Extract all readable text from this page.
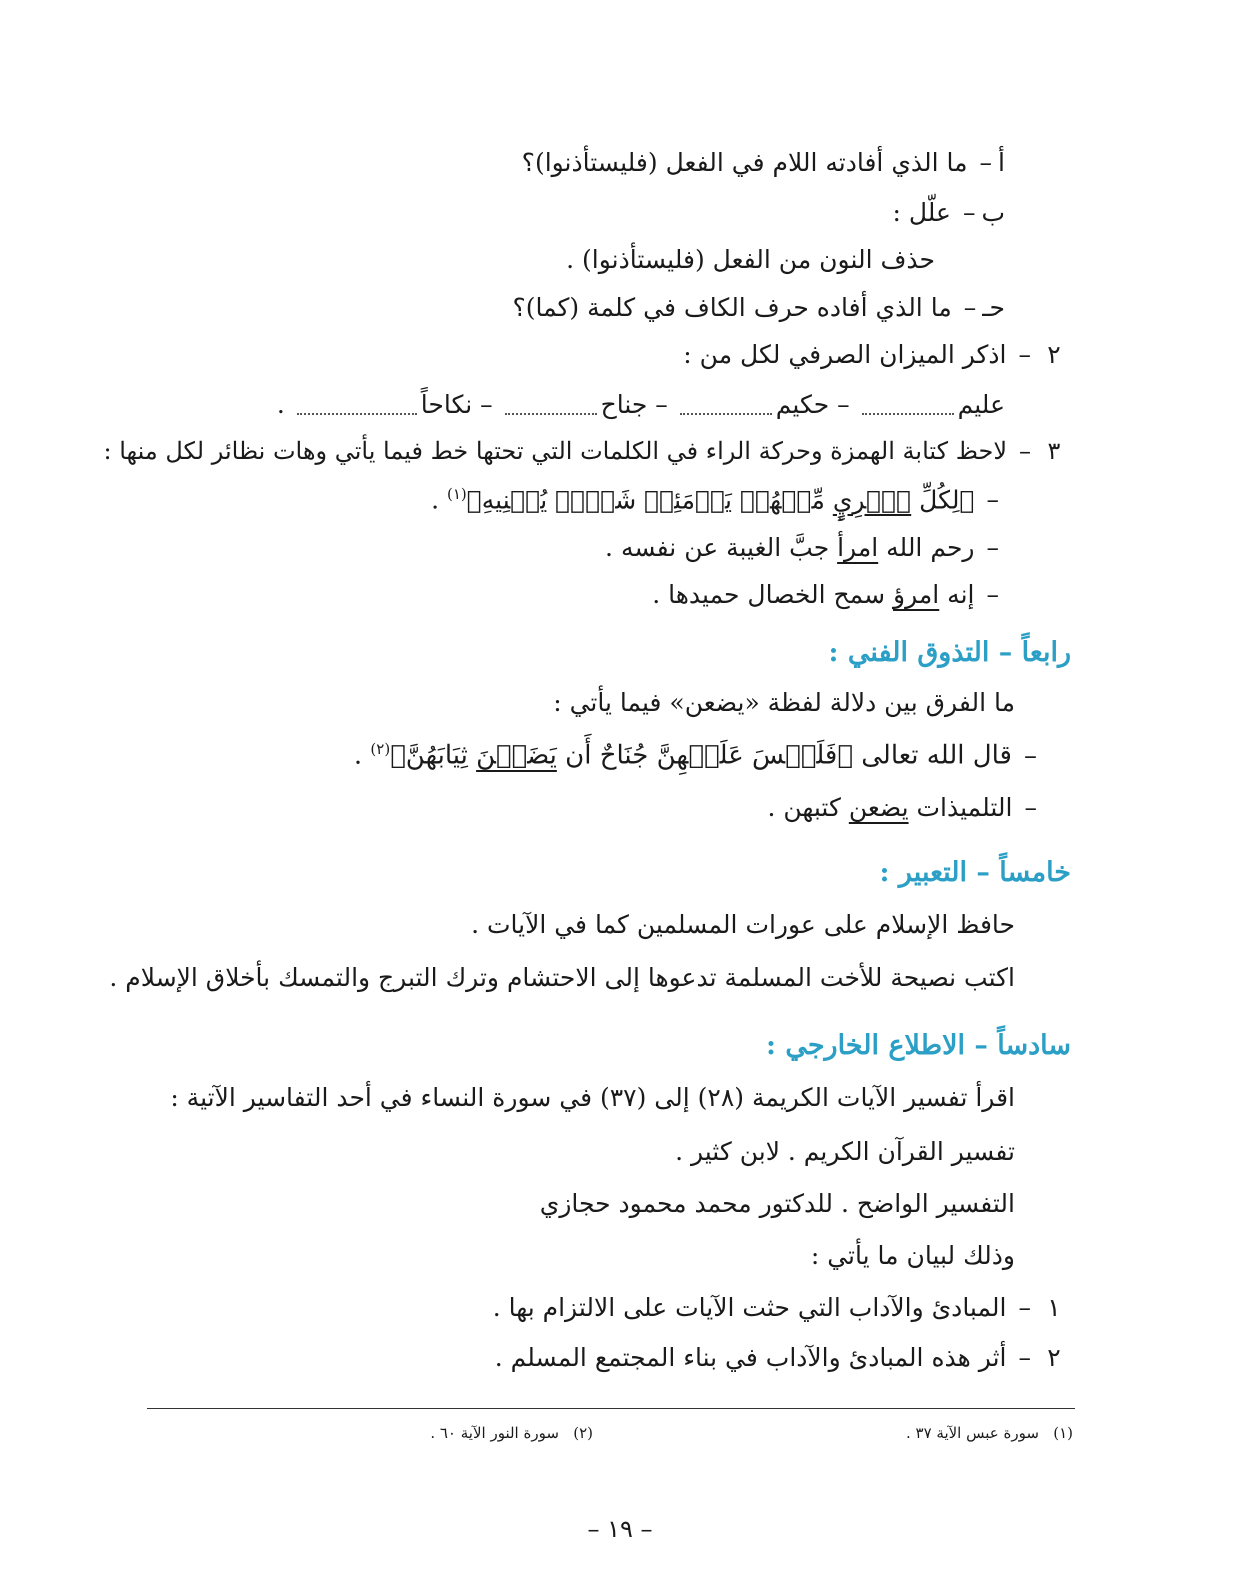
أ–ما الذي أفادته اللام في الفعل (فليستأذنوا)؟
ب–علّل :
حذف النون من الفعل (فليستأذنوا) .
حـ–ما الذي أفاده حرف الكاف في كلمة (كما)؟
٢–اذكر الميزان الصرفي لكل من :
عليم – حكيم – جناح – نكاحاً .
٣–لاحظ كتابة الهمزة وحركة الراء في الكلمات التي تحتها خط فيما يأتي وهات نظائر لكل منها :
–﴿لِكُلِّ ٱمۡرِيٍٕ مِّنۡهُمۡ يَوۡمَئِذٖ شَأۡنٞ يُغۡنِيهِ﴾$^{(١)}$ .
–رحم الله امرأ جبَّ الغيبة عن نفسه .
–إنه امرؤ سمح الخصال حميدها .
رابعاً – التذوق الفني :
ما الفرق بين دلالة لفظة «يضعن» فيما يأتي :
–قال الله تعالى ﴿فَلَيۡسَ عَلَيۡهِنَّ جُنَاحٌ أَن يَضَعۡنَ ثِيَابَهُنَّ﴾$^{(٢)}$ .
–التلميذات يضعن كتبهن .
خامساً – التعبير :
حافظ الإسلام على عورات المسلمين كما في الآيات .
اكتب نصيحة للأخت المسلمة تدعوها إلى الاحتشام وترك التبرج والتمسك بأخلاق الإسلام .
سادساً – الاطلاع الخارجي :
اقرأ تفسير الآيات الكريمة (٢٨) إلى (٣٧) في سورة النساء في أحد التفاسير الآتية :
تفسير القرآن الكريم . لابن كثير .
التفسير الواضح . للدكتور محمد محمود حجازي
وذلك لبيان ما يأتي :
١–المبادئ والآداب التي حثت الآيات على الالتزام بها .
٢–أثر هذه المبادئ والآداب في بناء المجتمع المسلم .
(١)   سورة عبس الآية ٣٧ .
(٢)   سورة النور الآية ٦٠ .
– ١٩ –
